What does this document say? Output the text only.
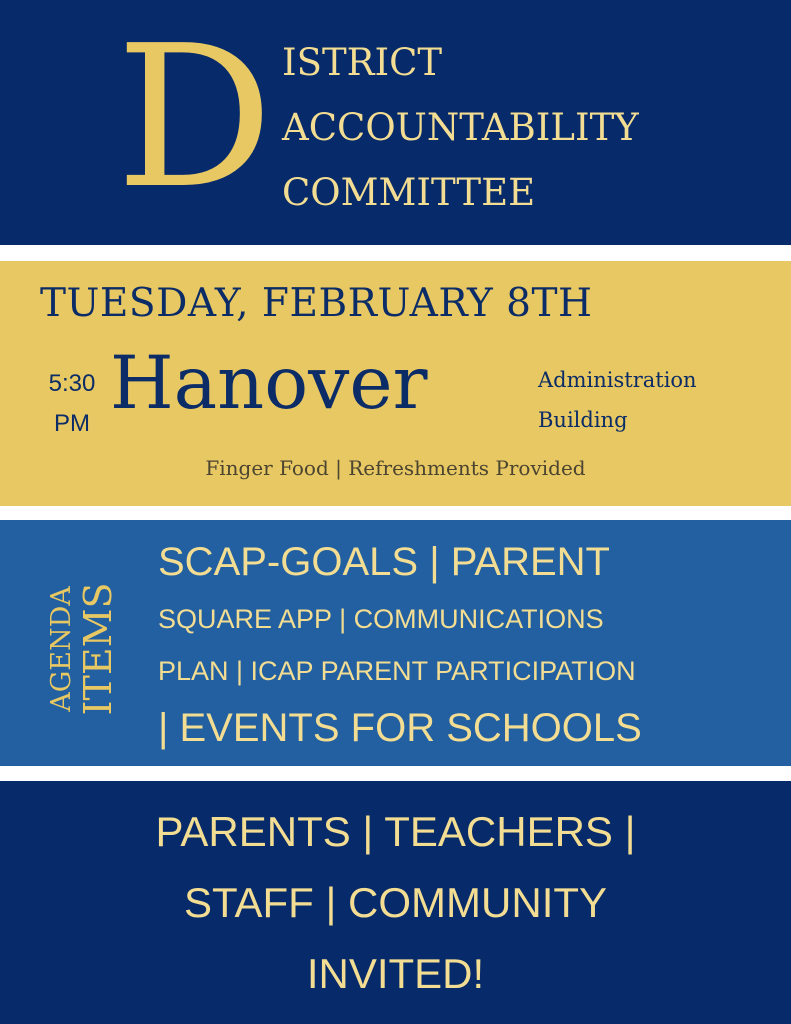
D ISTRICT
ACCOUNTABILITY
COMMITTEE
TUESDAY, FEBRUARY 8TH
5:30
PM Hanover	Administration
Building
Finger Food | Refreshments Provided
AGENDA ITEMS
SCAP-GOALS | PARENT
SQUARE APP | COMMUNICATIONS
PLAN | ICAP PARENT PARTICIPATION
| EVENTS FOR SCHOOLS
PARENTS | TEACHERS |
STAFF | COMMUNITY
INVITED!
